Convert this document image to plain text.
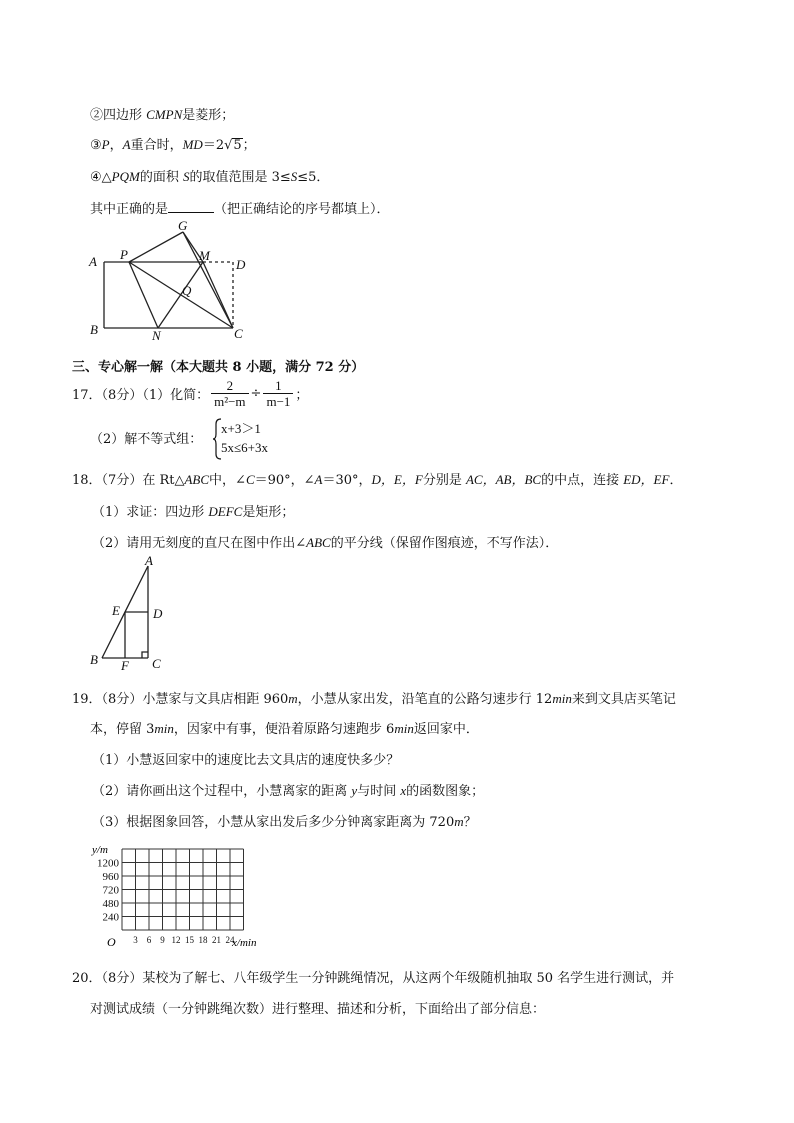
②四边形 CMPN是菱形；
③P，A重合时，MD＝2√5；
④△PQM的面积 S的取值范围是 3≤S≤5．
其中正确的是	（把正确结论的序号都填上）．
A P
G
M
D
Q
B	N	C
三、专心解一解（本大题共 8 小题，满分 72 分）
17．（8分）（1）化简： $\frac{2}{\text{m²−m}} \div \frac{1}{m-1}$ ；
（2）解不等式组：
x+3＞1
5x≤6+3x
18．（7分）在 Rt△ABC中，∠C＝90°，∠A＝30°，D，E，F分别是 AC，AB，BC的中点，连接 ED，EF．
（1）求证：四边形 DEFC是矩形；
（2）请用无刻度的直尺在图中作出∠ABC的平分线（保留作图痕迹，不写作法）．
A
E	D
B F C
19．（8分）小慧家与文具店相距 960m，小慧从家出发，沿笔直的公路匀速步行 12min来到文具店买笔记
本，停留 3min，因家中有事，便沿着原路匀速跑步 6min返回家中．
（1）小慧返回家中的速度比去文具店的速度快多少？
（2）请你画出这个过程中，小慧离家的距离 y与时间 x的函数图象；
（3）根据图象回答，小慧从家出发后多少分钟离家距离为 720m？
1200
960
720
480
240
3 6 9 12 15 18 21 24
y/m
x/min
O
20．（8分）某校为了解七、八年级学生一分钟跳绳情况，从这两个年级随机抽取 50 名学生进行测试，并
对测试成绩（一分钟跳绳次数）进行整理、描述和分析，下面给出了部分信息：
